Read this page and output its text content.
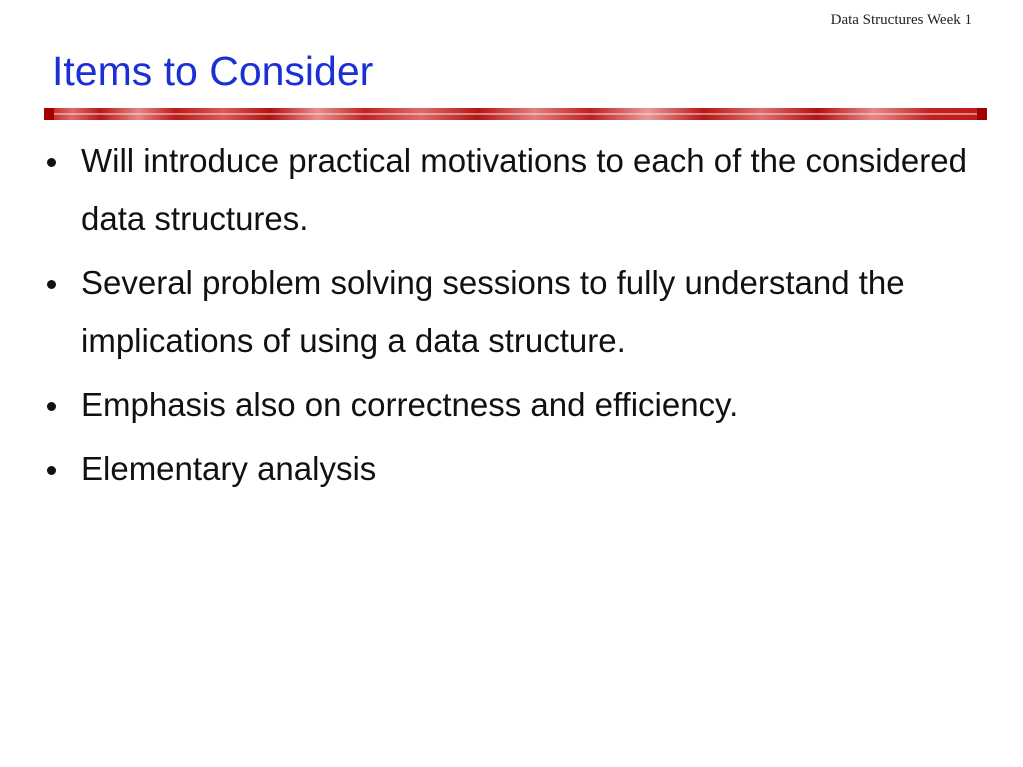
Data Structures Week 1
Items to Consider
Will introduce practical motivations to each of the considered data structures.
Several problem solving sessions to fully understand the implications of using a data structure.
Emphasis also on correctness and efficiency.
Elementary analysis
